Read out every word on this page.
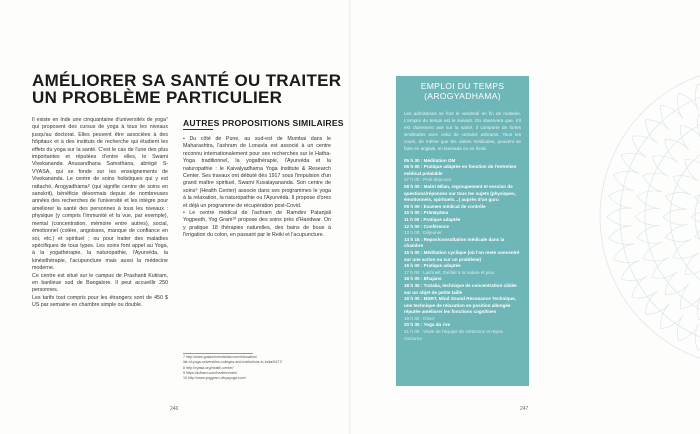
AMÉLIORER SA SANTÉ OU TRAITER
UN PROBLÈME PARTICULIER

Il existe en Inde une cinquantaine d'universités de yoga⁷ qui proposent des cursus de yoga à tous les niveaux jusqu'au doctorat. Elles peuvent être associées à des hôpitaux et à des instituts de recherche qui étudient les effets du yoga sur la santé. C'est le cas de l'une des plus importantes et réputées d'entre elles, le Swami Vivekananda Anusandhana Samsthana, abrégé S-VYASA, qui se fonde sur les enseignements de Vivekananda. Le centre de soins holistiques qui y est rattaché, Arogyadhama⁸ (qui signifie centre de soins en sanskrit), bénéficie désormais depuis de nombreuses années des recherches de l'université et les intègre pour améliorer la santé des personnes à tous les niveaux : physique (y compris l'immunité et la vue, par exemple), mental (concentration, mémoire entre autres), social, émotionnel (colère, angoisses, manque de confiance en soi, etc.) et spirituel ; ou pour traiter des maladies spécifiques de tous types. Les soins font appel au Yoga, à la yogathérapie, la naturopathie, l'Ayurvéda, la kinésithérapie, l'acupuncture mais aussi la médecine moderne.

Ce centre est situé sur le campus de Prashanti Kutiram, en banlieue sud de Bangalore. Il peut accueillir 250 personnes.

Les tarifs tout compris pour les étrangers sont de 450 $ US par semaine en chambre simple ou double.

AUTRES PROPOSITIONS SIMILAIRES

• Du côté de Pune, au sud-est de Mumbai dans le Maharashtra, l'ashram de Lonavla est associé à un centre reconnu internationalement pour ses recherches sur le Hatha-Yoga traditionnel, la yogathérapie, l'Ayurvéda et la naturopathie : le Kaivalyadhama Yoga Institute & Research Center. Ses travaux ont débuté dès 1917 sous l'impulsion d'un grand maître spirituel, Swami Kuvalayananda. Son centre de soins⁹ (Health Center) associe dans ses programmes le yoga à la relaxation, la naturopathie ou l'Ayurvéda. Il propose d'ores et déjà un programme de récupération post-Covid.

• Le centre médical de l'ashram de Ramdev Patanjali Yogpeeth, Yog Gram¹⁰ propose des soins près d'Haridwar. On y pratique 18 thérapies naturelles, des bains de boue à l'irrigation du colon, en passant par le Reiki et l'acupuncture.

7 http://www.guiauniversitarias.com/education/
list-of-yoga-universities-colleges-and-institutions-in-india/9477/
8 http://vyasa.org/health-center/
9 https://kdham.com/healthcenter/
10 http://www.yoggram-divyayoga.com/
246
EMPLOI DU TEMPS
(AROGYADHAMA)
Les admissions se font le vendredi en fin de matinée. L'emploi du temps est le suivant. On observera que, s'il est clairement axé sur la santé, il comporte de fortes similitudes avec celui de certains ashrams. Tous les cours, de même que les visites médicales, peuvent se faire en anglais, en kannada ou en hindi.
05 h 30 : Méditation OM
06 h 00 : Pratique adaptée en fonction de l'entretien médical préalable
07 h 00 : Petit déjeuner
08 h 00 : Maitri Milan, regroupement et session de questions/réponses sur tous les sujets (physiques, émotionnels, spirituels…) auprès d'un guru
09 h 00 : Examen médical de contrôle
10 h 00 : Prānāyāma
11 h 00 : Pratique adaptée
12 h 00 : Conférence
13 h 00 : Déjeuner
14 h 15 : Repos/consultation médicale dans la chambre
15 h 00 : Méditation cyclique (où l'on reste concentré sur une action ou sur un problème)
16 h 00 : Pratique adaptée
17 h 00 : Lait/malt, thé/lait à la nature et jeux
18 h 00 : Bhajans
18 h 30 : Trataka, technique de concentration ciblée sur un objet de petite taille
19 h 00 : MSRT, Mind Sound Resonance Technique, une technique de relaxation en position allongée réputée améliorer les fonctions cognitives
19 h 30 : Dîner
20 h 30 : Yoga du rire
21 h 00 : Visite de l'équipe de médecins et repos nocturne
247
